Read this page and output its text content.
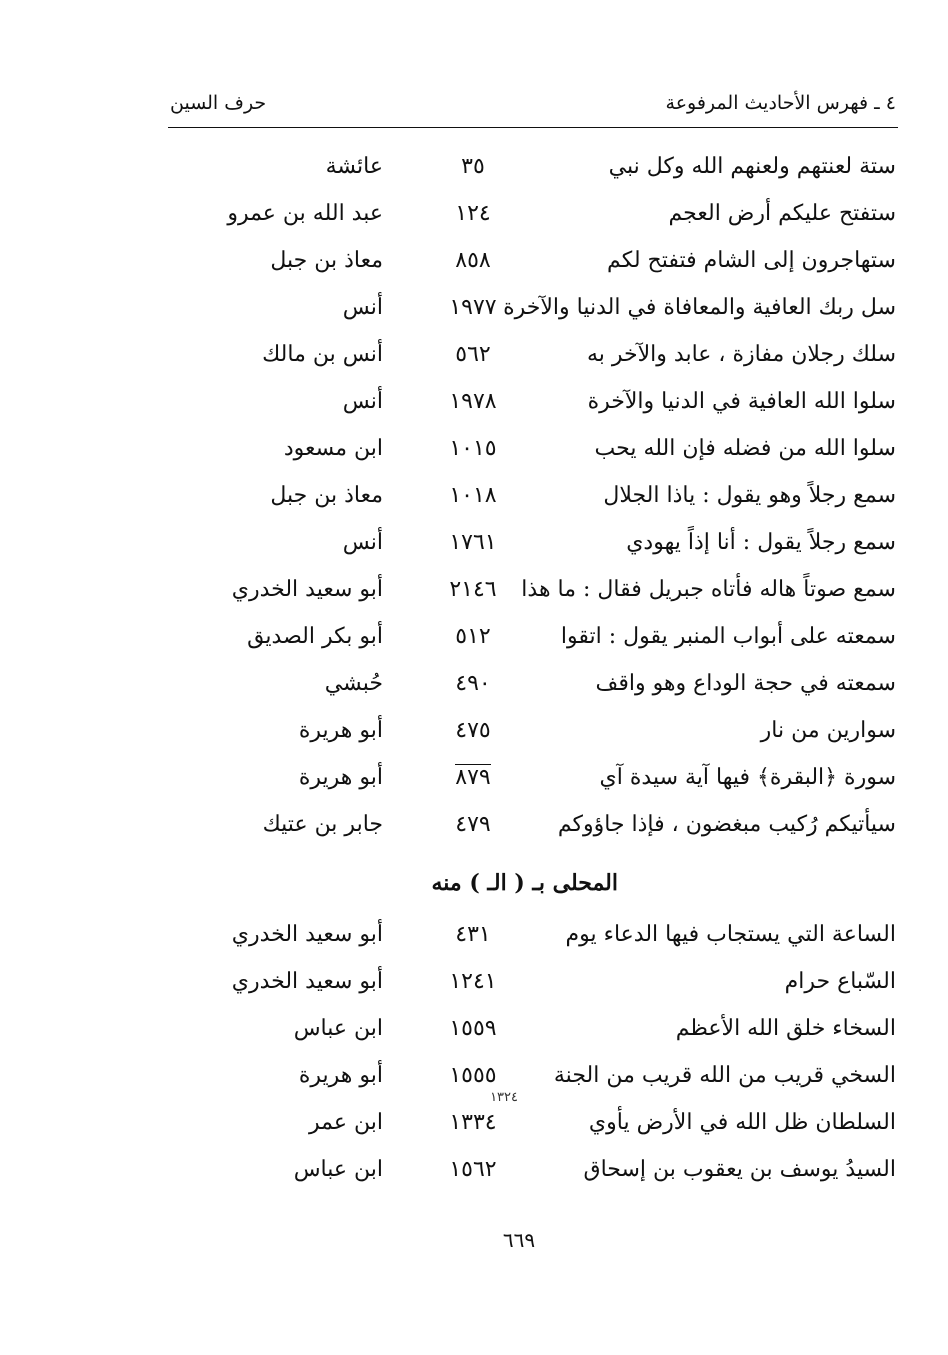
٤ ـ فهرس الأحاديث المرفوعة
حرف السين
ستة لعنتهم ولعنهم الله وكل نبي
٣٥
عائشة
ستفتح عليكم أرض العجم
١٢٤
عبد الله بن عمرو
ستهاجرون إلى الشام فتفتح لكم
٨٥٨
معاذ بن جبل
سل ربك العافية والمعافاة في الدنيا والآخرة
١٩٧٧
أنس
سلك رجلان مفازة ، عابد والآخر به
٥٦٢
أنس بن مالك
سلوا الله العافية في الدنيا والآخرة
١٩٧٨
أنس
سلوا الله من فضله فإن الله يحب
١٠١٥
ابن مسعود
سمع رجلاً وهو يقول : ياذا الجلال
١٠١٨
معاذ بن جبل
سمع رجلاً يقول : أنا إذاً يهودي
١٧٦١
أنس
سمع صوتاً هاله فأتاه جبريل فقال : ما هذا
٢١٤٦
أبو سعيد الخدري
سمعته على أبواب المنبر يقول : اتقوا
٥١٢
أبو بكر الصديق
سمعته في حجة الوداع وهو واقف
٤٩٠
حُبشي
سوارين من نار
٤٧٥
أبو هريرة
سورة ﴿البقرة﴾ فيها آية سيدة آي
٨٧٩
أبو هريرة
سيأتيكم رُكيب مبغضون ، فإذا جاؤوكم
٤٧٩
جابر بن عتيك
المحلى بـ ( الـ ) منه
الساعة التي يستجاب فيها الدعاء يوم
٤٣١
أبو سعيد الخدري
السّباع حرام
١٢٤١
أبو سعيد الخدري
السخاء خلق الله الأعظم
١٥٥٩
ابن عباس
السخي قريب من الله قريب من الجنة
١٥٥٥
أبو هريرة
١٣٢٤
السلطان ظل الله في الأرض يأوي
١٣٣٤
ابن عمر
السيدُ يوسف بن يعقوب بن إسحاق
١٥٦٢
ابن عباس
٦٦٩
